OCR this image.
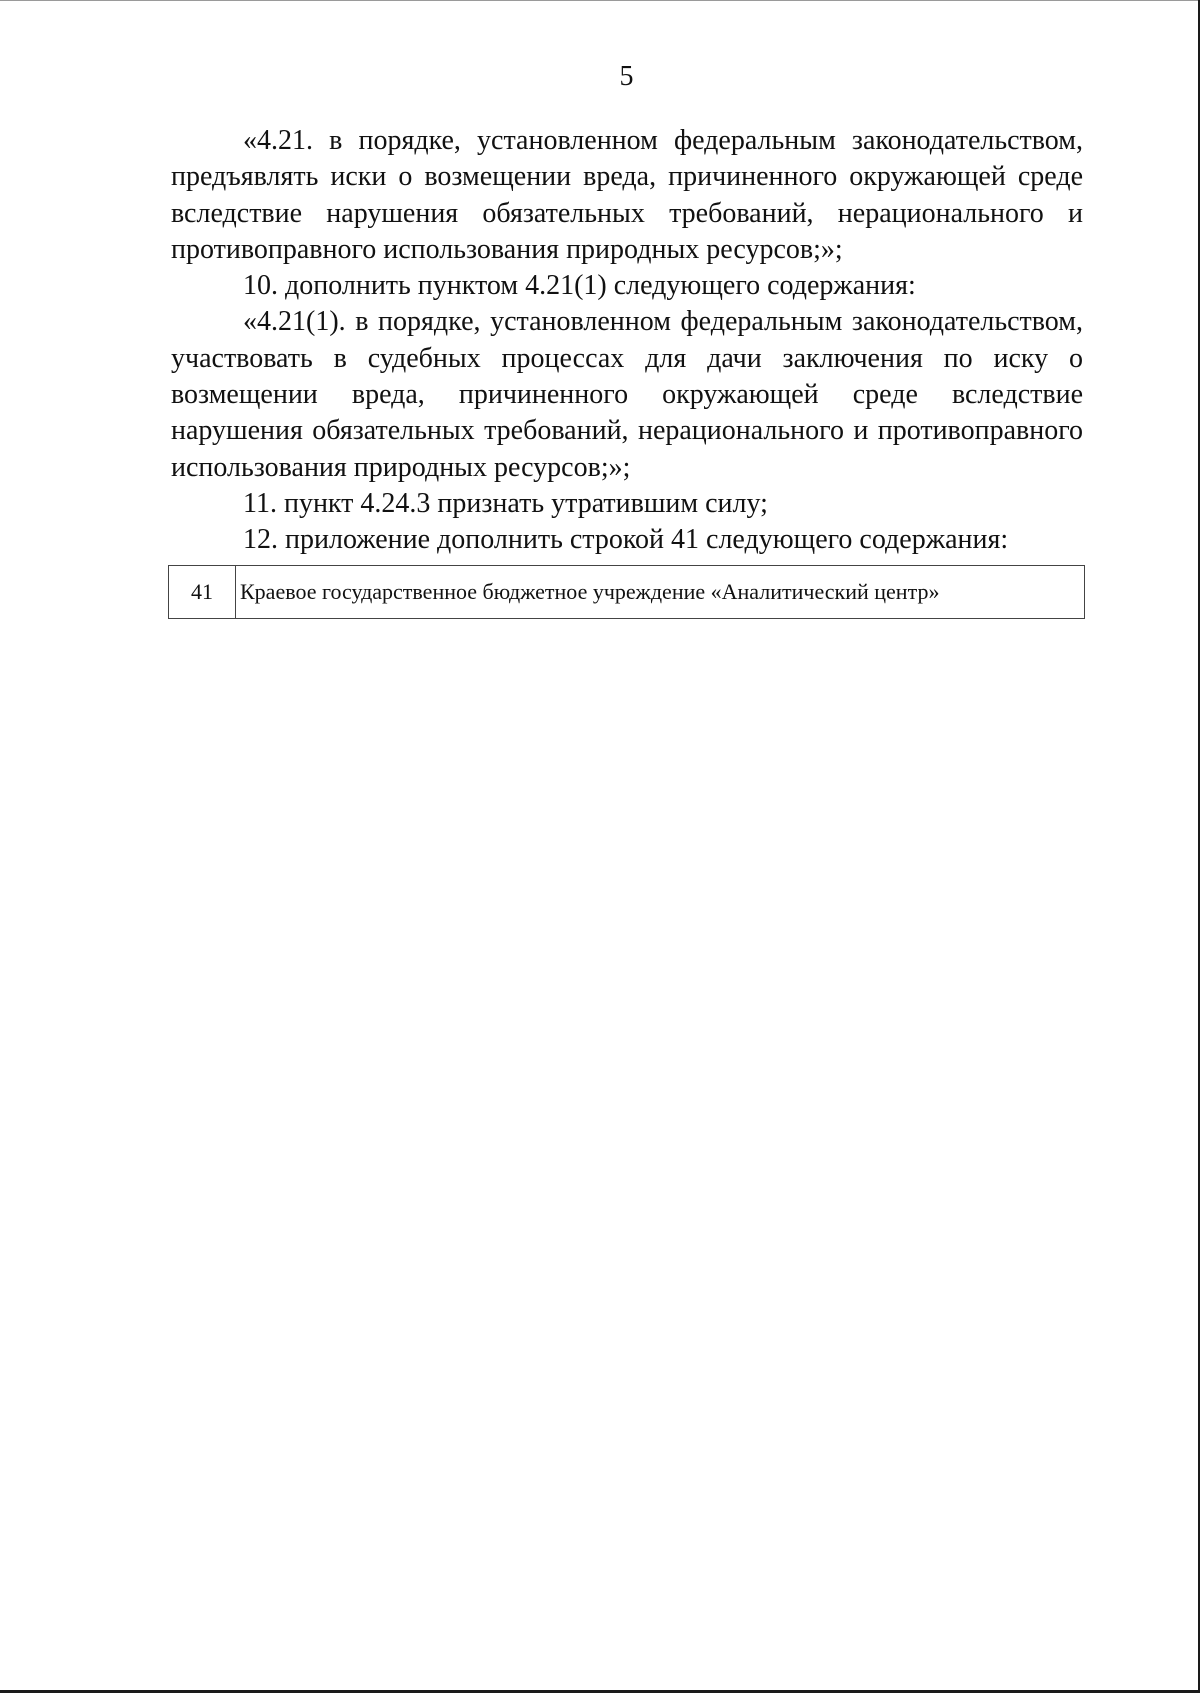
5

«4.21. в порядке, установленном федеральным законодательством, предъявлять иски о возмещении вреда, причиненного окружающей среде вследствие нарушения обязательных требований, нерационального и противоправного использования природных ресурсов;»;

10. дополнить пунктом 4.21(1) следующего содержания:

«4.21(1). в порядке, установленном федеральным законодательством, участвовать в судебных процессах для дачи заключения по иску о возмещении вреда, причиненного окружающей среде вследствие нарушения обязательных требований, нерационального и противоправного использования природных ресурсов;»;

11. пункт 4.24.3 признать утратившим силу;

12. приложение дополнить строкой 41 следующего содержания:

41	Краевое государственное бюджетное учреждение «Аналитический центр»
